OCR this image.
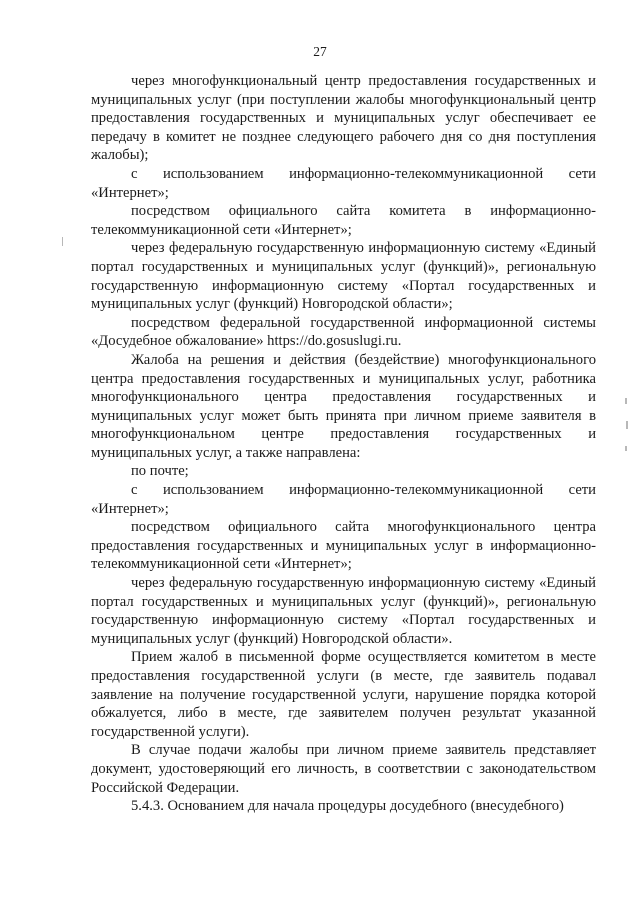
27

через многофункциональный центр предоставления государственных и муниципальных услуг (при поступлении жалобы многофункциональный центр предоставления государственных и муниципальных услуг обеспечивает ее передачу в комитет не позднее следующего рабочего дня со дня поступления жалобы);

с использованием информационно-телекоммуникационной сети «Интернет»;

посредством официального сайта комитета в информационно-телекоммуникационной сети «Интернет»;

через федеральную государственную информационную систему «Единый портал государственных и муниципальных услуг (функций)», региональную государственную информационную систему «Портал государственных и муниципальных услуг (функций) Новгородской области»;

посредством федеральной государственной информационной системы «Досудебное обжалование» https://do.gosuslugi.ru.

Жалоба на решения и действия (бездействие) многофункционального центра предоставления государственных и муниципальных услуг, работника многофункционального центра предоставления государственных и муниципальных услуг может быть принята при личном приеме заявителя в многофункциональном центре предоставления государственных и муниципальных услуг, а также направлена:

по почте;

с использованием информационно-телекоммуникационной сети «Интернет»;

посредством официального сайта многофункционального центра предоставления государственных и муниципальных услуг в информационно-телекоммуникационной сети «Интернет»;

через федеральную государственную информационную систему «Единый портал государственных и муниципальных услуг (функций)», региональную государственную информационную систему «Портал государственных и муниципальных услуг (функций) Новгородской области».

Прием жалоб в письменной форме осуществляется комитетом в месте предоставления государственной услуги (в месте, где заявитель подавал заявление на получение государственной услуги, нарушение порядка которой обжалуется, либо в месте, где заявителем получен результат указанной государственной услуги).

В случае подачи жалобы при личном приеме заявитель представляет документ, удостоверяющий его личность, в соответствии с законодательством Российской Федерации.

5.4.3. Основанием для начала процедуры досудебного (внесудебного)
